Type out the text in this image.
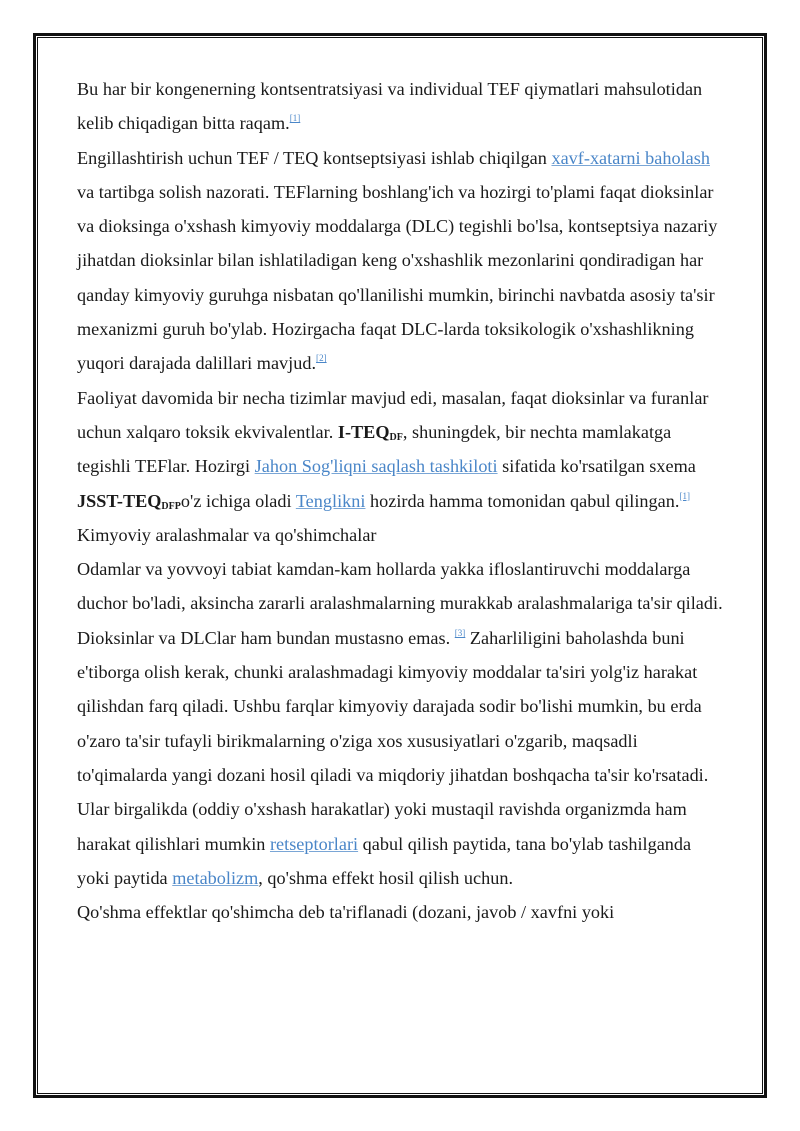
Bu har bir kongenerning kontsentratsiyasi va individual TEF qiymatlari mahsulotidan kelib chiqadigan bitta raqam.[1]

Engillashtirish uchun TEF / TEQ kontseptsiyasi ishlab chiqilgan xavf-xatarni baholash va tartibga solish nazorati. TEFlarning boshlang'ich va hozirgi to'plami faqat dioksinlar va dioksinga o'xshash kimyoviy moddalarga (DLC) tegishli bo'lsa, kontseptsiya nazariy jihatdan dioksinlar bilan ishlatiladigan keng o'xshashlik mezonlarini qondiradigan har qanday kimyoviy guruhga nisbatan qo'llanilishi mumkin, birinchi navbatda asosiy ta'sir mexanizmi guruh bo'ylab. Hozirgacha faqat DLC-larda toksikologik o'xshashlikning yuqori darajada dalillari mavjud.[2]

Faoliyat davomida bir necha tizimlar mavjud edi, masalan, faqat dioksinlar va furanlar uchun xalqaro toksik ekvivalentlar. $I-TEQ_{DF}$, shuningdek, bir nechta mamlakatga tegishli TEFlar. Hozirgi Jahon Sog'liqni saqlash tashkiloti sifatida ko'rsatilgan sxema JSST-$TEQ_{DFP}o'z$ ichiga oladi Tenglikni hozirda hamma tomonidan qabul qilingan.[1]

Kimyoviy aralashmalar va qo'shimchalar

Odamlar va yovvoyi tabiat kamdan-kam hollarda yakka ifloslantiruvchi moddalarga duchor bo'ladi, aksincha zararli aralashmalarning murakkab aralashmalariga ta'sir qiladi. Dioksinlar va DLClar ham bundan mustasno emas. [3] Zaharliligini baholashda buni e'tiborga olish kerak, chunki aralashmadagi kimyoviy moddalar ta'siri yolg'iz harakat qilishdan farq qiladi. Ushbu farqlar kimyoviy darajada sodir bo'lishi mumkin, bu erda o'zaro ta'sir tufayli birikmalarning o'ziga xos xususiyatlari o'zgarib, maqsadli to'qimalarda yangi dozani hosil qiladi va miqdoriy jihatdan boshqacha ta'sir ko'rsatadi. Ular birgalikda (oddiy o'xshash harakatlar) yoki mustaqil ravishda organizmda ham harakat qilishlari mumkin retseptorlari qabul qilish paytida, tana bo'ylab tashilganda yoki paytida metabolizm, qo'shma effekt hosil qilish uchun.

Qo'shma effektlar qo'shimcha deb ta'riflanadi (dozani, javob / xavfni yoki
